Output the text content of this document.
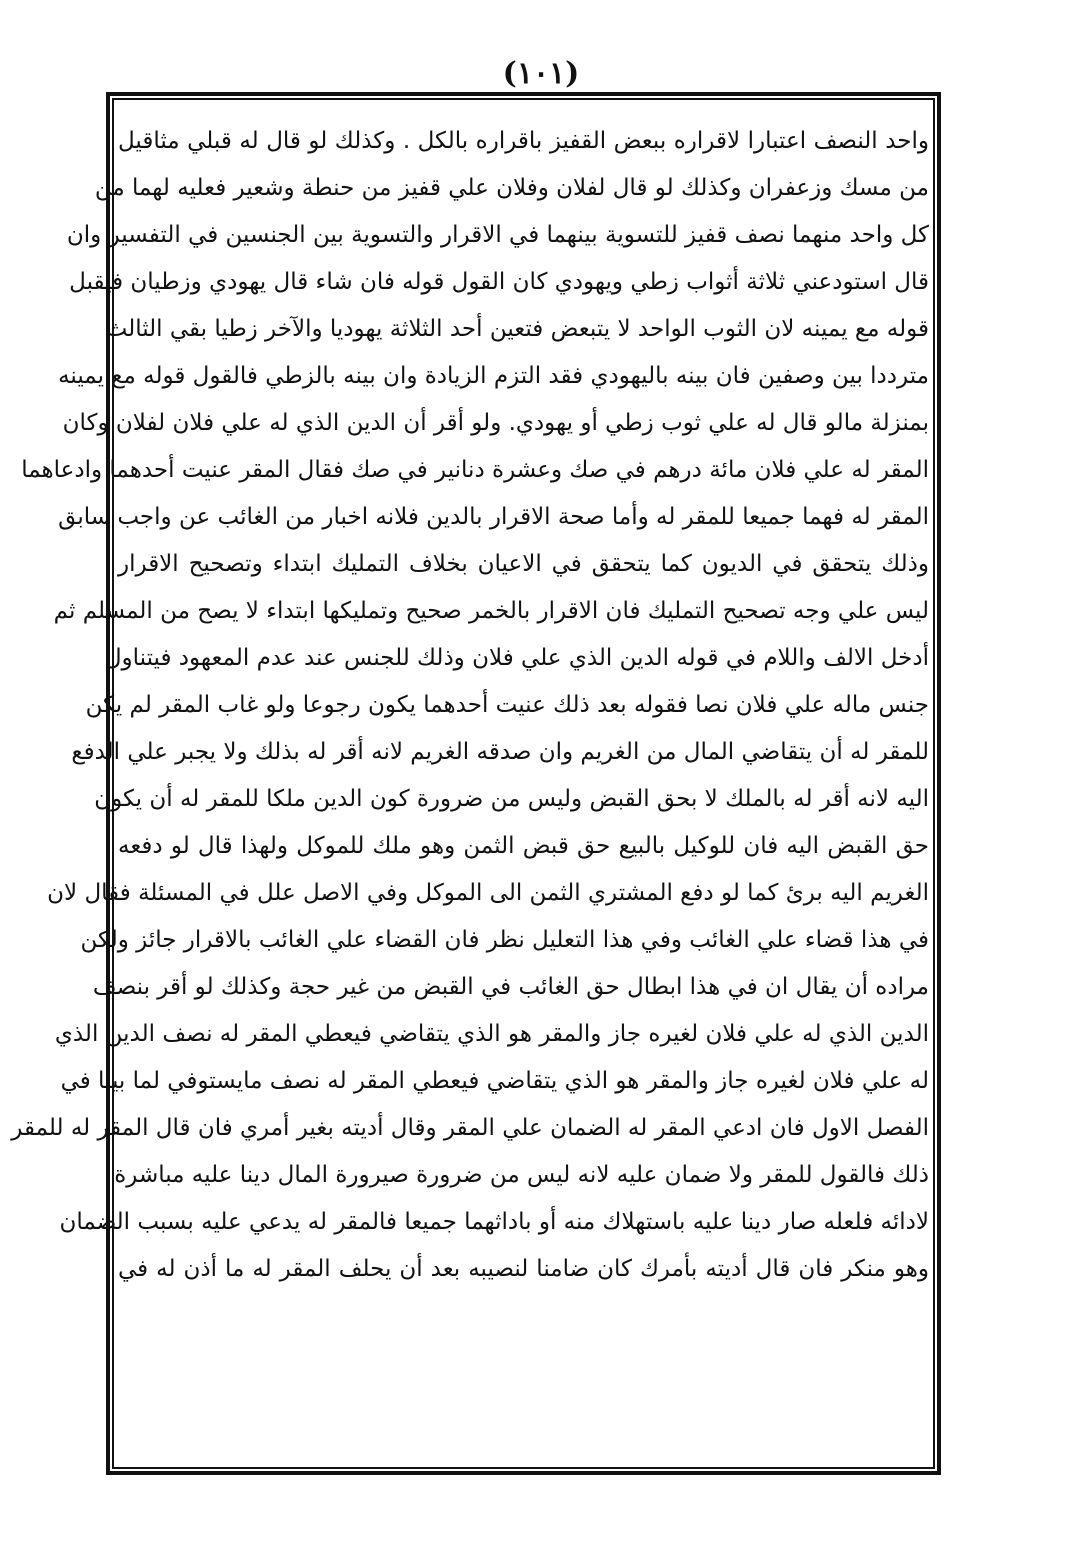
(١٠١)
واحد النصف اعتبارا لاقراره ببعض القفيز باقراره بالكل . وكذلك لو قال له قبلي مثاقيل
من مسك وزعفران وكذلك لو قال لفلان وفلان علي قفيز من حنطة وشعير فعليه لهما من
كل واحد منهما نصف قفيز للتسوية بينهما في الاقرار والتسوية بين الجنسين في التفسير وان
قال استودعني ثلاثة أثواب زطي ويهودي كان القول قوله فان شاء قال يهودي وزطيان فيقبل
قوله مع يمينه لان الثوب الواحد لا يتبعض فتعين أحد الثلاثة يهوديا والآخر زطيا بقي الثالث
مترددا بين وصفين فان بينه باليهودي فقد التزم الزيادة وان بينه بالزطي فالقول قوله مع يمينه
بمنزلة مالو قال له علي ثوب زطي أو يهودي. ولو أقر أن الدين الذي له علي فلان لفلان وكان
المقر له علي فلان مائة درهم في صك وعشرة دنانير في صك فقال المقر عنيت أحدهما وادعاهما
المقر له فهما جميعا للمقر له وأما صحة الاقرار بالدين فلانه اخبار من الغائب عن واجب سابق
وذلك يتحقق في الديون كما يتحقق في الاعيان بخلاف التمليك ابتداء وتصحيح الاقرار
ليس علي وجه تصحيح التمليك فان الاقرار بالخمر صحيح وتمليكها ابتداء لا يصح من المسلم ثم
أدخل الالف واللام في قوله الدين الذي علي فلان وذلك للجنس عند عدم المعهود فيتناول
جنس ماله علي فلان نصا فقوله بعد ذلك عنيت أحدهما يكون رجوعا ولو غاب المقر لم يكن
للمقر له أن يتقاضي المال من الغريم وان صدقه الغريم لانه أقر له بذلك ولا يجبر علي الدفع
اليه لانه أقر له بالملك لا بحق القبض وليس من ضرورة كون الدين ملكا للمقر له أن يكون
حق القبض اليه فان للوكيل بالبيع حق قبض الثمن وهو ملك للموكل ولهذا قال لو دفعه
الغريم اليه برئ كما لو دفع المشتري الثمن الى الموكل وفي الاصل علل في المسئلة فقال لان
في هذا قضاء علي الغائب وفي هذا التعليل نظر فان القضاء علي الغائب بالاقرار جائز ولكن
مراده أن يقال ان في هذا ابطال حق الغائب في القبض من غير حجة وكذلك لو أقر بنصف
الدين الذي له علي فلان لغيره جاز والمقر هو الذي يتقاضي فيعطي المقر له نصف الدين الذي
له علي فلان لغيره جاز والمقر هو الذي يتقاضي فيعطي المقر له نصف مايستوفي لما بينا في
الفصل الاول فان ادعي المقر له الضمان علي المقر وقال أديته بغير أمري فان قال المقر له للمقر
ذلك فالقول للمقر ولا ضمان عليه لانه ليس من ضرورة صيرورة المال دينا عليه مباشرة
لادائه فلعله صار دينا عليه باستهلاك منه أو باداثهما جميعا فالمقر له يدعي عليه بسبب الضمان
وهو منكر فان قال أديته بأمرك كان ضامنا لنصيبه بعد أن يحلف المقر له ما أذن له في
